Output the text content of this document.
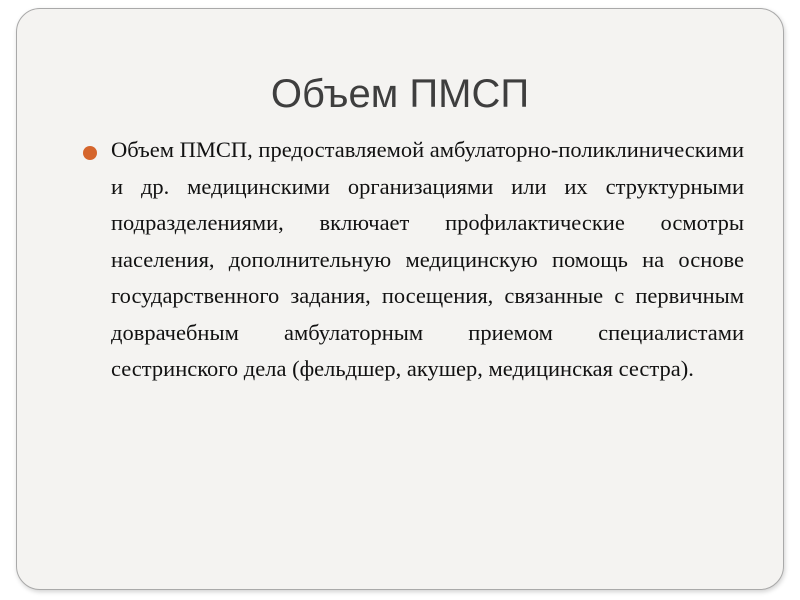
Объем ПМСП
Объем ПМСП, предоставляемой амбулаторно-поликлиническими и др. медицинскими организациями или их структурными подразделениями, включает профилактические осмотры населения, дополнительную медицинскую помощь на основе государственного задания, посещения, связанные с первичным доврачебным амбулаторным приемом специалистами сестринского дела (фельдшер, акушер, медицинская сестра).
